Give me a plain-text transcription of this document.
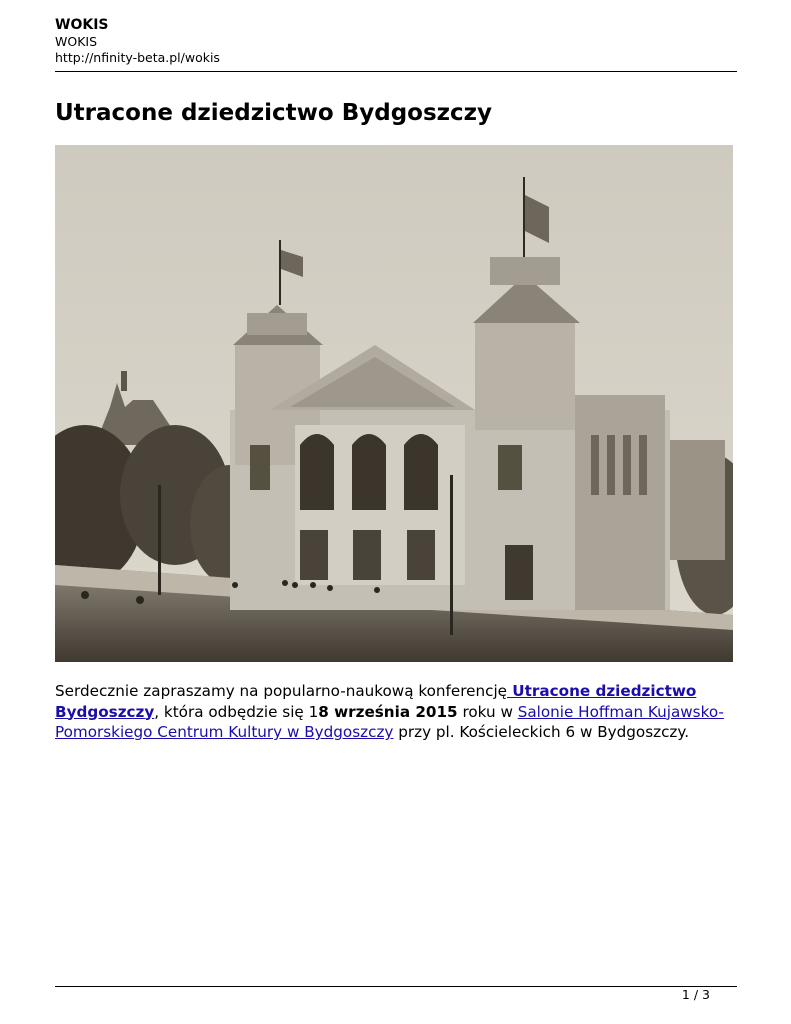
WOKIS
WOKIS
http://nfinity-beta.pl/wokis
Utracone dziedzictwo Bydgoszczy
Serdecznie zapraszamy na popularno-naukową konferencję Utracone dziedzictwo Bydgoszczy, która odbędzie się 18 września 2015 roku w Salonie Hoffman Kujawsko-Pomorskiego Centrum Kultury w Bydgoszczy przy pl. Kościeleckich 6 w Bydgoszczy.
1 / 3
